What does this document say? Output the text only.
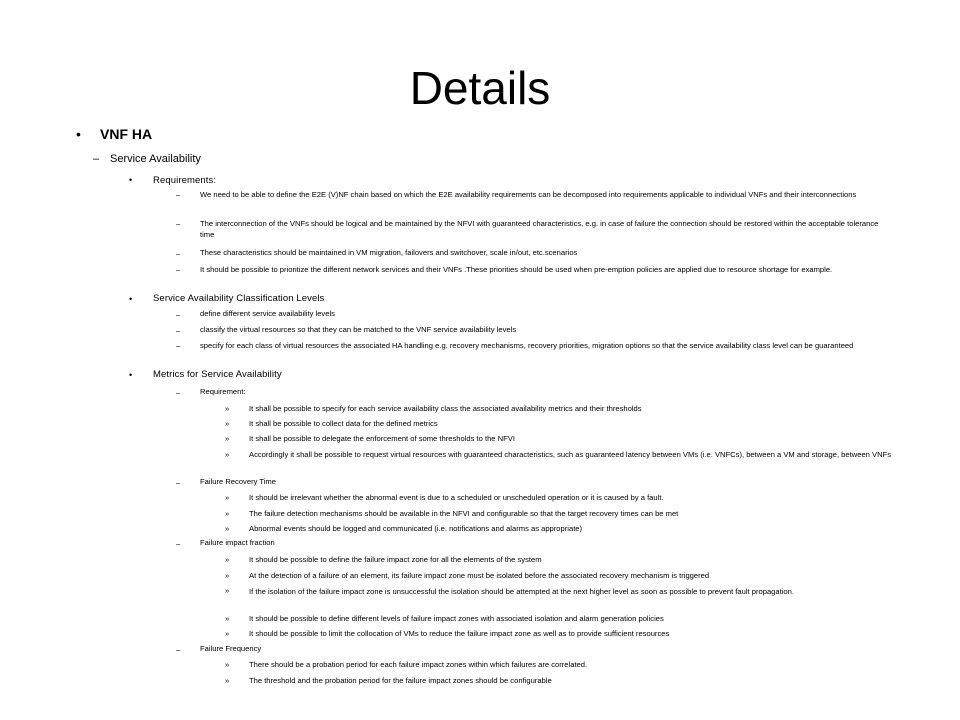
Details
• VNF HA
– Service Availability
• Requirements:
–	We need to be able to define the E2E (V)NF chain based on which the E2E availability requirements can be decomposed into requirements applicable to individual VNFs and their interconnections
–	The interconnection of the VNFs should be logical and be maintained by the NFVI with guaranteed characteristics, e.g. in case of failure the connection should be restored within the acceptable tolerance time
–	These characteristics should be maintained in VM migration, failovers and switchover, scale in/out, etc.scenarios
–	It should be possible to prioritize the different network services and their VNFs .These priorities should be used when pre-emption policies are applied due to resource shortage for example.
• Service Availability Classification Levels
–	define different service availability levels
–	classify the virtual resources so that they can be matched to the VNF service availability levels
–	specify for each class of virtual resources the associated HA handling e.g. recovery mechanisms, recovery priorities, migration options so that the service availability class level can be guaranteed
• Metrics for Service Availability
–	Requirement:
»	It shall be possible to specify for each service availability class the associated availability metrics and their thresholds
»	It shall be possible to collect data for the defined metrics
»	It shall be possible to delegate the enforcement of some thresholds to the NFVI
»	Accordingly it shall be possible to request virtual resources with guaranteed characteristics, such as guaranteed latency between VMs (i.e. VNFCs), between a VM and storage, between VNFs
–	Failure Recovery Time
»	It should be irrelevant whether the abnormal event is due to a scheduled or unscheduled operation or it is caused by a fault.
»	The failure detection mechanisms should be available in the NFVI and configurable so that the target recovery times can be met
»	Abnormal events should be logged and communicated (i.e. notifications and alarms as appropriate)
–	Failure impact fraction
»	It should be possible to define the failure impact zone for all the elements of the system
»	At the detection of a failure of an element, its failure impact zone must be isolated before the associated recovery mechanism is triggered
»	If the isolation of the failure impact zone is unsuccessful the isolation should be attempted at the next higher level as soon as possible to prevent fault propagation.
»	It should be possible to define different levels of failure impact zones with associated isolation and alarm generation policies
»	It should be possible to limit the collocation of VMs to reduce the failure impact zone as well as to provide sufficient resources
–	Failure Frequency
»	There should be a probation period for each failure impact zones within which failures are correlated.
»	The threshold and the probation period for the failure impact zones should be configurable
